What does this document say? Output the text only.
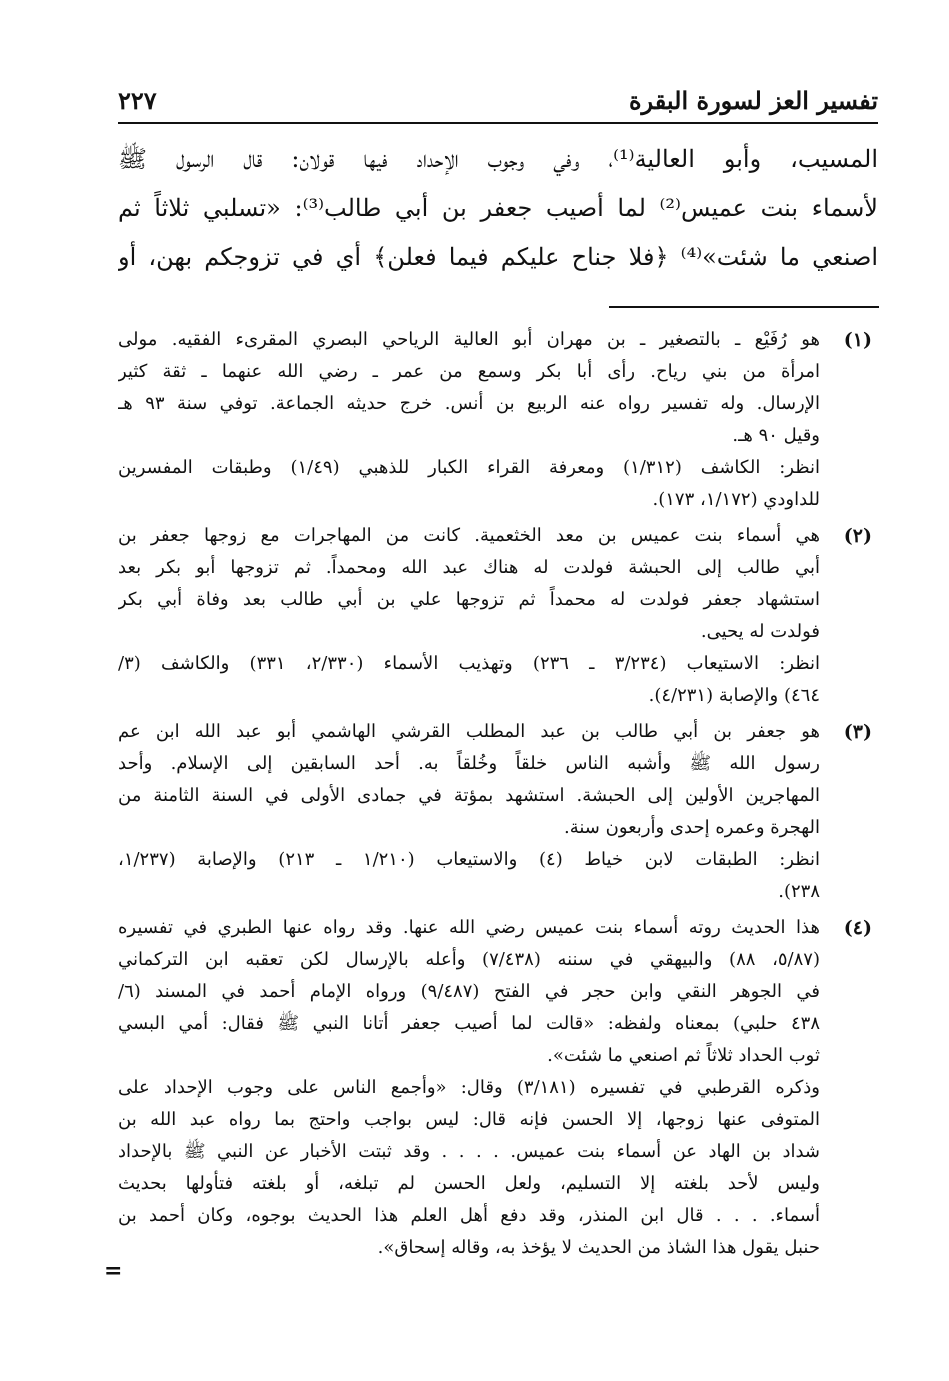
تفسير العز لسورة البقرة
٢٢٧
المسيب، وأبو العالية⁽¹⁾، وفي وجوب الإحداد فيها قولان: قال الرسول ﷺ
لأسماء بنت عميس⁽²⁾ لما أصيب جعفر بن أبي طالب⁽³⁾: «تسلبي ثلاثاً ثم
اصنعي ما شئت»⁽⁴⁾ ﴿فلا جناح عليكم فيما فعلن﴾ أي في تزوجكم بهن، أو
(١)
هو رُفَيْع ـ بالتصغير ـ بن مهران أبو العالية الرياحي البصري المقرىء الفقيه. مولى
امرأة من بني رياح. رأى أبا بكر وسمع من عمر ـ رضي الله عنهما ـ ثقة كثير
الإرسال. وله تفسير رواه عنه الربيع بن أنس. خرج حديثه الجماعة. توفي سنة ٩٣ هـ
وقيل ٩٠ هـ.
انظر: الكاشف (١/٣١٢) ومعرفة القراء الكبار للذهبي (١/٤٩) وطبقات المفسرين
للداودي (١/١٧٢، ١٧٣).
(٢)
هي أسماء بنت عميس بن معد الخثعمية. كانت من المهاجرات مع زوجها جعفر بن
أبي طالب إلى الحبشة فولدت له هناك عبد الله ومحمداً. ثم تزوجها أبو بكر بعد
استشهاد جعفر فولدت له محمداً ثم تزوجها علي بن أبي طالب بعد وفاة أبي بكر
فولدت له يحيى.
انظر: الاستيعاب (٣/٢٣٤ ـ ٢٣٦) وتهذيب الأسماء (٢/٣٣٠، ٣٣١) والكاشف (٣/
٤٦٤) والإصابة (٤/٢٣١).
(٣)
هو جعفر بن أبي طالب بن عبد المطلب القرشي الهاشمي أبو عبد الله ابن عم
رسول الله ﷺ وأشبه الناس خلقاً وخُلقاً به. أحد السابقين إلى الإسلام. وأحد
المهاجرين الأولين إلى الحبشة. استشهد بمؤتة في جمادى الأولى في السنة الثامنة من
الهجرة وعمره إحدى وأربعون سنة.
انظر: الطبقات لابن خياط (٤) والاستيعاب (١/٢١٠ ـ ٢١٣) والإصابة (١/٢٣٧،
٢٣٨).
(٤)
هذا الحديث روته أسماء بنت عميس رضي الله عنها. وقد رواه عنها الطبري في تفسيره
(٥/٨٧، ٨٨) والبيهقي في سننه (٧/٤٣٨) وأعله بالإرسال لكن تعقبه ابن التركماني
في الجوهر النقي وابن حجر في الفتح (٩/٤٨٧) ورواه الإمام أحمد في المسند (٦/
٤٣٨ حلبي) بمعناه ولفظه: «قالت لما أصيب جعفر أتانا النبي ﷺ فقال: أمي البسي
ثوب الحداد ثلاثاً ثم اصنعي ما شئت».
وذكره القرطبي في تفسيره (٣/١٨١) وقال: «وأجمع الناس على وجوب الإحداد على
المتوفى عنها زوجها، إلا الحسن فإنه قال: ليس بواجب واحتج بما رواه عبد الله بن
شداد بن الهاد عن أسماء بنت عميس. . . . . وقد ثبتت الأخبار عن النبي ﷺ بالإحداد
وليس لأحد بلغته إلا التسليم، ولعل الحسن لم تبلغه، أو بلغته فتأولها بحديث
أسماء. . . . قال ابن المنذر، وقد دفع أهل العلم هذا الحديث بوجوه، وكان أحمد بن
حنبل يقول هذا الشاذ من الحديث لا يؤخذ به، وقاله إسحاق».
=
